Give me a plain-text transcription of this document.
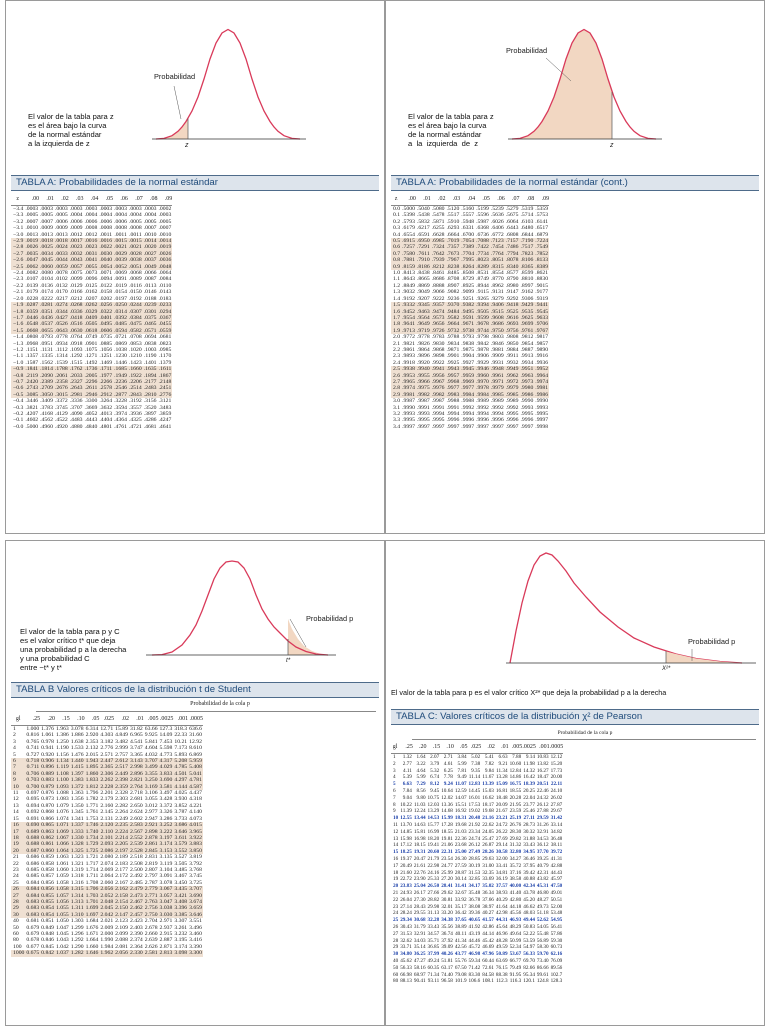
Probabilidad
z
El valor de la tabla para z
es el área bajo la curva
de la normal estándar
a la izquierda de z
TABLA A: Probabilidades de la normal estándar
z	.00	.01	.02	.03	.04	.05	.06	.07	.08	.09
−3.4	.0003	.0003	.0003	.0003	.0003	.0003	.0003	.0003	.0003	.0002
−3.3	.0005	.0005	.0005	.0004	.0004	.0004	.0004	.0004	.0004	.0003
−3.2	.0007	.0007	.0006	.0006	.0006	.0006	.0006	.0005	.0005	.0005
−3.1	.0010	.0009	.0009	.0009	.0008	.0008	.0008	.0008	.0007	.0007
−3.0	.0013	.0013	.0013	.0012	.0012	.0011	.0011	.0011	.0010	.0010
−2.9	.0019	.0018	.0018	.0017	.0016	.0016	.0015	.0015	.0014	.0014
−2.8	.0026	.0025	.0024	.0023	.0023	.0022	.0021	.0021	.0020	.0019
−2.7	.0035	.0034	.0033	.0032	.0031	.0030	.0029	.0028	.0027	.0026
−2.6	.0047	.0045	.0044	.0043	.0041	.0040	.0039	.0038	.0037	.0036
−2.5	.0062	.0060	.0059	.0057	.0055	.0054	.0052	.0051	.0049	.0048
−2.4	.0082	.0080	.0078	.0075	.0073	.0071	.0069	.0068	.0066	.0064
−2.3	.0107	.0104	.0102	.0099	.0096	.0094	.0091	.0089	.0087	.0084
−2.2	.0139	.0136	.0132	.0129	.0125	.0122	.0119	.0116	.0113	.0110
−2.1	.0179	.0174	.0170	.0166	.0162	.0158	.0154	.0150	.0146	.0143
−2.0	.0228	.0222	.0217	.0212	.0207	.0202	.0197	.0192	.0188	.0183
−1.9	.0287	.0281	.0274	.0268	.0262	.0256	.0250	.0244	.0239	.0233
−1.8	.0359	.0351	.0344	.0336	.0329	.0322	.0314	.0307	.0301	.0294
−1.7	.0446	.0436	.0427	.0418	.0409	.0401	.0392	.0384	.0375	.0367
−1.6	.0548	.0537	.0526	.0516	.0505	.0495	.0485	.0475	.0465	.0455
−1.5	.0668	.0655	.0643	.0630	.0618	.0606	.0594	.0582	.0571	.0559
−1.4	.0808	.0793	.0778	.0764	.0749	.0735	.0721	.0708	.0694	.0681
−1.3	.0968	.0951	.0934	.0918	.0901	.0885	.0869	.0853	.0838	.0823
−1.2	.1151	.1131	.1112	.1093	.1075	.1056	.1038	.1020	.1003	.0985
−1.1	.1357	.1335	.1314	.1292	.1271	.1251	.1230	.1210	.1190	.1170
−1.0	.1587	.1562	.1539	.1515	.1492	.1469	.1446	.1423	.1401	.1379
−0.9	.1841	.1814	.1788	.1762	.1736	.1711	.1685	.1660	.1635	.1611
−0.8	.2119	.2090	.2061	.2033	.2005	.1977	.1949	.1922	.1894	.1867
−0.7	.2420	.2389	.2358	.2327	.2296	.2266	.2236	.2206	.2177	.2148
−0.6	.2743	.2709	.2676	.2643	.2611	.2578	.2546	.2514	.2483	.2451
−0.5	.3085	.3050	.3015	.2981	.2946	.2912	.2877	.2843	.2810	.2776
−0.4	.3446	.3409	.3372	.3336	.3300	.3264	.3228	.3192	.3156	.3121
−0.3	.3821	.3783	.3745	.3707	.3669	.3632	.3594	.3557	.3520	.3483
−0.2	.4207	.4168	.4129	.4090	.4052	.4013	.3974	.3936	.3897	.3859
−0.1	.4602	.4562	.4522	.4483	.4443	.4404	.4364	.4325	.4286	.4247
−0.0	.5000	.4960	.4920	.4880	.4840	.4801	.4761	.4721	.4681	.4641
Probabilidad
z
El valor de la tabla para z
es el área bajo la curva
de la normal estándar
a  la  izquierda  de  z
TABLA A: Probabilidades de la normal estándar (cont.)
z	.00	.01	.02	.03	.04	.05	.06	.07	.08	.09
0.0	.5000	.5040	.5080	.5120	.5160	.5199	.5239	.5279	.5319	.5359
0.1	.5398	.5438	.5478	.5517	.5557	.5596	.5636	.5675	.5714	.5753
0.2	.5793	.5832	.5871	.5910	.5948	.5987	.6026	.6064	.6103	.6141
0.3	.6179	.6217	.6255	.6293	.6331	.6368	.6406	.6443	.6480	.6517
0.4	.6554	.6591	.6628	.6664	.6700	.6736	.6772	.6808	.6844	.6879
0.5	.6915	.6950	.6985	.7019	.7054	.7088	.7123	.7157	.7190	.7224
0.6	.7257	.7291	.7324	.7357	.7389	.7422	.7454	.7486	.7517	.7549
0.7	.7580	.7611	.7642	.7673	.7704	.7734	.7764	.7794	.7823	.7852
0.8	.7881	.7910	.7939	.7967	.7995	.8023	.8051	.8078	.8106	.8133
0.9	.8159	.8186	.8212	.8238	.8264	.8289	.8315	.8340	.8365	.8389
1.0	.8413	.8438	.8461	.8485	.8508	.8531	.8554	.8577	.8599	.8621
1.1	.8643	.8665	.8686	.8708	.8729	.8749	.8770	.8790	.8810	.8830
1.2	.8849	.8869	.8888	.8907	.8925	.8944	.8962	.8980	.8997	.9015
1.3	.9032	.9049	.9066	.9082	.9099	.9115	.9131	.9147	.9162	.9177
1.4	.9192	.9207	.9222	.9236	.9251	.9265	.9279	.9292	.9306	.9319
1.5	.9332	.9345	.9357	.9370	.9382	.9394	.9406	.9418	.9429	.9441
1.6	.9452	.9463	.9474	.9484	.9495	.9505	.9515	.9525	.9535	.9545
1.7	.9554	.9564	.9573	.9582	.9591	.9599	.9608	.9616	.9625	.9633
1.8	.9641	.9649	.9656	.9664	.9671	.9678	.9686	.9693	.9699	.9706
1.9	.9713	.9719	.9726	.9732	.9738	.9744	.9750	.9756	.9761	.9767
2.0	.9772	.9778	.9783	.9788	.9793	.9798	.9803	.9808	.9812	.9817
2.1	.9821	.9826	.9830	.9834	.9838	.9842	.9846	.9850	.9854	.9857
2.2	.9861	.9864	.9868	.9871	.9875	.9878	.9881	.9884	.9887	.9890
2.3	.9893	.9896	.9898	.9901	.9904	.9906	.9909	.9911	.9913	.9916
2.4	.9918	.9920	.9922	.9925	.9927	.9929	.9931	.9932	.9934	.9936
2.5	.9938	.9940	.9941	.9943	.9945	.9946	.9948	.9949	.9951	.9952
2.6	.9953	.9955	.9956	.9957	.9959	.9960	.9961	.9962	.9963	.9964
2.7	.9965	.9966	.9967	.9968	.9969	.9970	.9971	.9972	.9973	.9974
2.8	.9974	.9975	.9976	.9977	.9977	.9978	.9979	.9979	.9980	.9981
2.9	.9981	.9982	.9982	.9983	.9984	.9984	.9985	.9985	.9986	.9986
3.0	.9987	.9987	.9987	.9988	.9988	.9989	.9989	.9989	.9990	.9990
3.1	.9990	.9991	.9991	.9991	.9992	.9992	.9992	.9992	.9993	.9993
3.2	.9993	.9993	.9994	.9994	.9994	.9994	.9994	.9995	.9995	.9995
3.3	.9995	.9995	.9995	.9996	.9996	.9996	.9996	.9996	.9996	.9997
3.4	.9997	.9997	.9997	.9997	.9997	.9997	.9997	.9997	.9997	.9998
Probabilidad p
t*
El valor de la tabla para p y C
es el valor crítico t* que deja
una probabilidad p a la derecha
y una probabilidad C
entre −t* y t*
TABLA B Valores críticos de la distribución t de Student
Probabilidad de la cola p
gl	.25	.20	.15	.10	.05	.025	.02	.01	.005	.0025	.001	.0005
1	1.000	1.376	1.963	3.078	6.314	12.71	15.89	31.82	63.66	127.3	318.3	636.6
2	0.816	1.061	1.386	1.886	2.920	4.303	4.849	6.965	9.925	14.09	22.33	31.60
3	0.765	0.978	1.250	1.638	2.353	3.182	3.482	4.541	5.841	7.453	10.21	12.92
4	0.741	0.941	1.190	1.533	2.132	2.776	2.999	3.747	4.604	5.598	7.173	8.610
5	0.727	0.920	1.156	1.476	2.015	2.571	2.757	3.365	4.032	4.773	5.893	6.869
6	0.718	0.906	1.134	1.440	1.943	2.447	2.612	3.143	3.707	4.317	5.208	5.959
7	0.711	0.896	1.119	1.415	1.895	2.365	2.517	2.998	3.499	4.029	4.785	5.408
8	0.706	0.889	1.108	1.397	1.860	2.306	2.449	2.896	3.355	3.833	4.501	5.041
9	0.703	0.883	1.100	1.383	1.833	2.262	2.398	2.821	3.250	3.690	4.297	4.781
10	0.700	0.879	1.093	1.372	1.812	2.228	2.359	2.764	3.169	3.581	4.144	4.587
11	0.697	0.876	1.088	1.363	1.796	2.201	2.328	2.718	3.106	3.497	4.025	4.437
12	0.695	0.873	1.083	1.356	1.782	2.179	2.303	2.681	3.055	3.428	3.930	4.318
13	0.694	0.870	1.079	1.350	1.771	2.160	2.282	2.650	3.012	3.372	3.852	4.221
14	0.692	0.868	1.076	1.345	1.761	2.145	2.264	2.624	2.977	3.326	3.787	4.140
15	0.691	0.866	1.074	1.341	1.753	2.131	2.249	2.602	2.947	3.286	3.733	4.073
16	0.690	0.865	1.071	1.337	1.746	2.120	2.235	2.583	2.921	3.252	3.686	4.015
17	0.689	0.863	1.069	1.333	1.740	2.110	2.224	2.567	2.898	3.222	3.646	3.965
18	0.688	0.862	1.067	1.330	1.734	2.101	2.214	2.552	2.878	3.197	3.611	3.922
19	0.688	0.861	1.066	1.328	1.729	2.093	2.205	2.539	2.861	3.174	3.579	3.883
20	0.687	0.860	1.064	1.325	1.725	2.086	2.197	2.528	2.845	3.153	3.552	3.850
21	0.686	0.859	1.063	1.323	1.721	2.080	2.189	2.518	2.831	3.135	3.527	3.819
22	0.686	0.858	1.061	1.321	1.717	2.074	2.183	2.508	2.819	3.119	3.505	3.792
23	0.685	0.858	1.060	1.319	1.714	2.069	2.177	2.500	2.807	3.104	3.485	3.768
24	0.685	0.857	1.059	1.318	1.711	2.064	2.172	2.492	2.797	3.091	3.467	3.745
25	0.684	0.856	1.058	1.316	1.708	2.060	2.167	2.485	2.787	3.078	3.450	3.725
26	0.684	0.856	1.058	1.315	1.706	2.056	2.162	2.479	2.779	3.067	3.435	3.707
27	0.684	0.855	1.057	1.314	1.703	2.052	2.158	2.473	2.771	3.057	3.421	3.690
28	0.683	0.855	1.056	1.313	1.701	2.048	2.154	2.467	2.763	3.047	3.408	3.674
29	0.683	0.854	1.055	1.311	1.699	2.045	2.150	2.462	2.756	3.038	3.396	3.659
30	0.683	0.854	1.055	1.310	1.697	2.042	2.147	2.457	2.750	3.030	3.385	3.646
40	0.681	0.851	1.050	1.303	1.684	2.021	2.123	2.423	2.704	2.971	3.307	3.551
50	0.679	0.849	1.047	1.299	1.676	2.009	2.109	2.403	2.678	2.937	3.261	3.496
60	0.679	0.848	1.045	1.296	1.671	2.000	2.099	2.390	2.660	2.915	3.232	3.460
80	0.678	0.846	1.043	1.292	1.664	1.990	2.088	2.374	2.639	2.887	3.195	3.416
100	0.677	0.845	1.042	1.290	1.660	1.984	2.081	2.364	2.626	2.871	3.174	3.390
1000	0.675	0.842	1.037	1.282	1.646	1.962	2.056	2.330	2.581	2.813	3.098	3.300
Probabilidad p
X²*
El valor de la tabla para p es el valor crítico X²* que deja la probabilidad p a la derecha
TABLA C: Valores críticos de la distribución χ² de Pearson
Probabilidad de la cola p
gl	.25	.20	.15	.10	.05	.025	.02	.01	.005	.0025	.001	.0005
1	1.32	1.64	2.07	2.71	3.84	5.02	5.41	6.63	7.88	9.14	10.83	12.12
2	2.77	3.22	3.79	4.61	5.99	7.38	7.82	9.21	10.60	11.98	13.82	15.20
3	4.11	4.64	5.32	6.25	7.81	9.35	9.84	11.34	12.84	14.32	16.27	17.73
4	5.39	5.99	6.74	7.78	9.49	11.14	11.67	13.28	14.86	16.42	18.47	20.00
5	6.63	7.29	8.12	9.24	11.07	12.83	13.39	15.09	16.75	18.39	20.51	22.11
6	7.84	8.56	9.45	10.64	12.59	14.45	15.03	16.81	18.55	20.25	22.46	24.10
7	9.04	9.80	10.75	12.02	14.07	16.01	16.62	18.48	20.28	22.04	24.32	26.02
8	10.22	11.03	12.03	13.36	15.51	17.53	18.17	20.09	21.95	23.77	26.12	27.87
9	11.39	12.24	13.29	14.68	16.92	19.02	19.68	21.67	23.59	25.46	27.88	29.67
10	12.55	13.44	14.53	15.99	18.31	20.48	21.16	23.21	25.19	27.11	29.59	31.42
11	13.70	14.63	15.77	17.28	19.68	21.92	22.62	24.72	26.76	28.73	31.26	33.14
12	14.85	15.81	16.99	18.55	21.03	23.34	24.05	26.22	28.30	30.32	32.91	34.82
13	15.98	16.98	18.20	19.81	22.36	24.74	25.47	27.69	29.82	31.88	34.53	36.48
14	17.12	18.15	19.41	21.06	23.68	26.12	26.87	29.14	31.32	33.43	36.12	38.11
15	18.25	19.31	20.60	22.31	25.00	27.49	28.26	30.58	32.80	34.95	37.70	39.72
16	19.37	20.47	21.79	23.54	26.30	28.85	29.63	32.00	34.27	36.46	39.25	41.31
17	20.49	21.61	22.98	24.77	27.59	30.19	31.00	33.41	35.72	37.95	40.79	42.88
18	21.60	22.76	24.16	25.99	28.87	31.53	32.35	34.81	37.16	39.42	42.31	44.43
19	22.72	23.90	25.33	27.20	30.14	32.85	33.69	36.19	38.58	40.88	43.82	45.97
20	23.83	25.04	26.50	28.41	31.41	34.17	35.02	37.57	40.00	42.34	45.31	47.50
21	24.93	26.17	27.66	29.62	32.67	35.48	36.34	38.93	41.40	43.78	46.80	49.01
22	26.04	27.30	28.82	30.81	33.92	36.78	37.66	40.29	42.80	45.20	48.27	50.51
23	27.14	28.43	29.98	32.01	35.17	38.08	38.97	41.64	44.18	46.62	49.73	52.00
24	28.24	29.55	31.13	33.20	36.42	39.36	40.27	42.98	45.56	48.03	51.18	53.48
25	29.34	30.68	32.28	34.38	37.65	40.65	41.57	44.31	46.93	49.44	52.62	54.95
26	30.43	31.79	33.43	35.56	38.89	41.92	42.86	45.64	48.29	50.83	54.05	56.41
27	31.53	32.91	34.57	36.74	40.11	43.19	44.14	46.96	49.64	52.22	55.48	57.86
28	32.62	34.03	35.71	37.92	41.34	44.46	45.42	48.28	50.99	53.59	56.89	59.30
29	33.71	35.14	36.85	39.09	42.56	45.72	46.69	49.59	52.34	54.97	58.30	60.73
30	34.80	36.25	37.99	40.26	43.77	46.98	47.96	50.89	53.67	56.33	59.70	62.16
40	45.62	47.27	49.24	51.81	55.76	59.34	60.44	63.69	66.77	69.70	73.40	76.09
50	56.33	58.16	60.35	63.17	67.50	71.42	72.61	76.15	79.49	82.66	86.66	89.56
60	66.98	68.97	71.34	74.40	79.08	83.30	84.58	88.38	91.95	95.34	99.61	102.7
80	88.13	90.41	93.11	96.58	101.9	106.6	108.1	112.3	116.3	120.1	124.8	128.3
